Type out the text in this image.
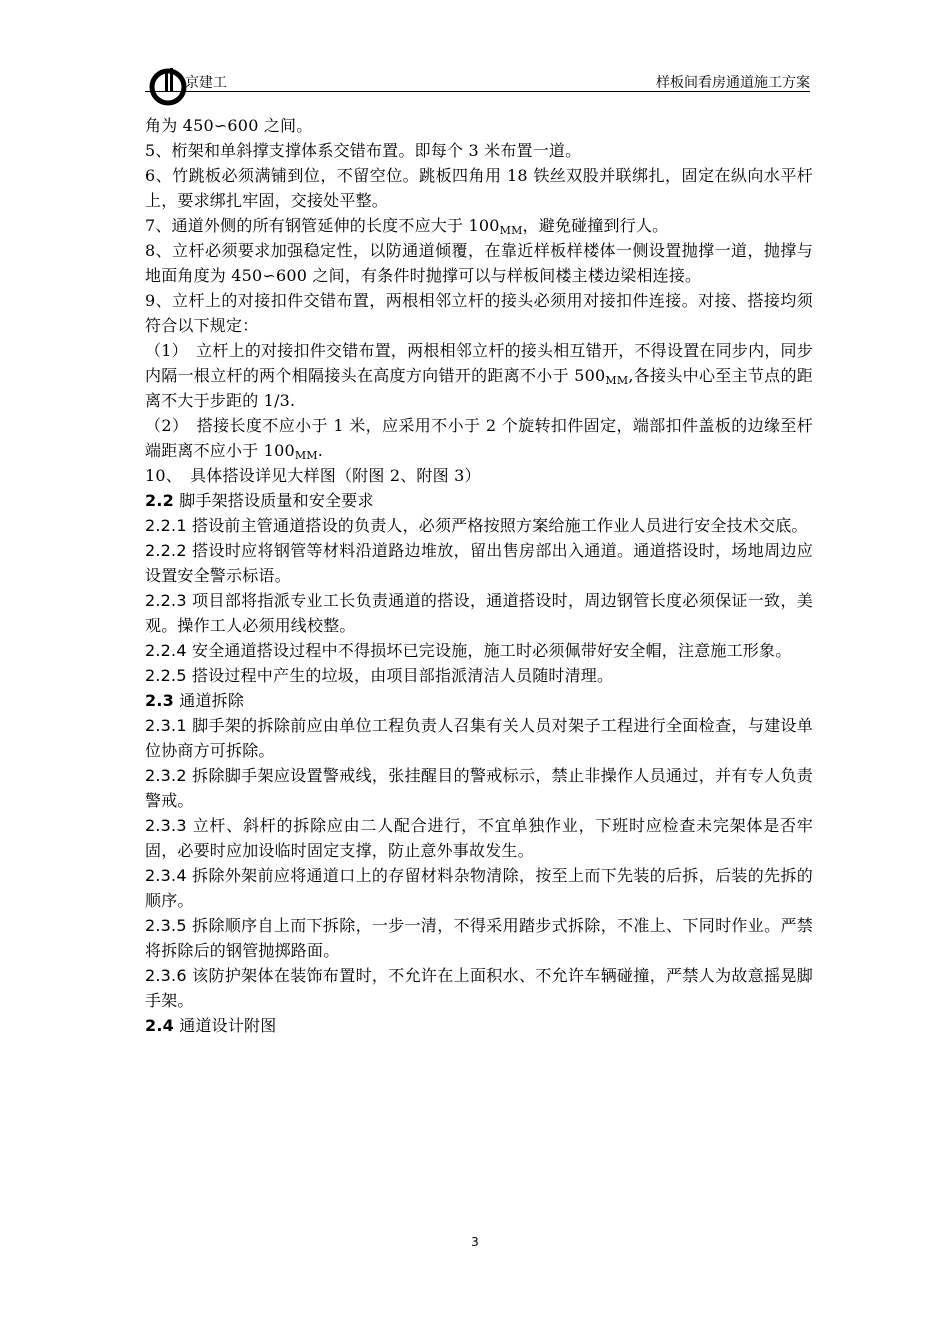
京建工	样板间看房通道施工方案

角为 450∽600 之间。

5、桁架和单斜撑支撑体系交错布置。即每个 3 米布置一道。

6、竹跳板必须满铺到位，不留空位。跳板四角用 18 铁丝双股并联绑扎，固定在纵向水平杆上，要求绑扎牢固，交接处平整。

7、通道外侧的所有钢管延伸的长度不应大于 $100_{MM}$，避免碰撞到行人。

8、立杆必须要求加强稳定性，以防通道倾覆，在靠近样板样楼体一侧设置抛撑一道，抛撑与地面角度为 450∽600 之间，有条件时抛撑可以与样板间楼主楼边梁相连接。

9、立杆上的对接扣件交错布置，两根相邻立杆的接头必须用对接扣件连接。对接、搭接均须符合以下规定：

（1）　立杆上的对接扣件交错布置，两根相邻立杆的接头相互错开，不得设置在同步内，同步内隔一根立杆的两个相隔接头在高度方向错开的距离不小于 $500_{MM}$,各接头中心至主节点的距离不大于步距的 1/3.

（2）　搭接长度不应小于 1 米，应采用不小于 2 个旋转扣件固定，端部扣件盖板的边缘至杆端距离不应小于 $100_{MM}$.

10、　具体搭设详见大样图（附图 2、附图 3）

2.2 脚手架搭设质量和安全要求

2.2.1 搭设前主管通道搭设的负责人，必须严格按照方案给施工作业人员进行安全技术交底。

2.2.2 搭设时应将钢管等材料沿道路边堆放，留出售房部出入通道。通道搭设时，场地周边应设置安全警示标语。

2.2.3 项目部将指派专业工长负责通道的搭设，通道搭设时，周边钢管长度必须保证一致，美观。操作工人必须用线校整。

2.2.4 安全通道搭设过程中不得损坏已完设施，施工时必须佩带好安全帽，注意施工形象。

2.2.5 搭设过程中产生的垃圾，由项目部指派清洁人员随时清理。

2.3 通道拆除

2.3.1 脚手架的拆除前应由单位工程负责人召集有关人员对架子工程进行全面检查，与建设单位协商方可拆除。

2.3.2 拆除脚手架应设置警戒线，张挂醒目的警戒标示，禁止非操作人员通过，并有专人负责警戒。

2.3.3 立杆、斜杆的拆除应由二人配合进行，不宜单独作业，下班时应检查未完架体是否牢固，必要时应加设临时固定支撑，防止意外事故发生。

2.3.4 拆除外架前应将通道口上的存留材料杂物清除，按至上而下先装的后拆，后装的先拆的顺序。

2.3.5 拆除顺序自上而下拆除，一步一清，不得采用踏步式拆除，不准上、下同时作业。严禁将拆除后的钢管抛掷路面。

2.3.6 该防护架体在装饰布置时，不允许在上面积水、不允许车辆碰撞，严禁人为故意摇晃脚手架。

2.4 通道设计附图

3
